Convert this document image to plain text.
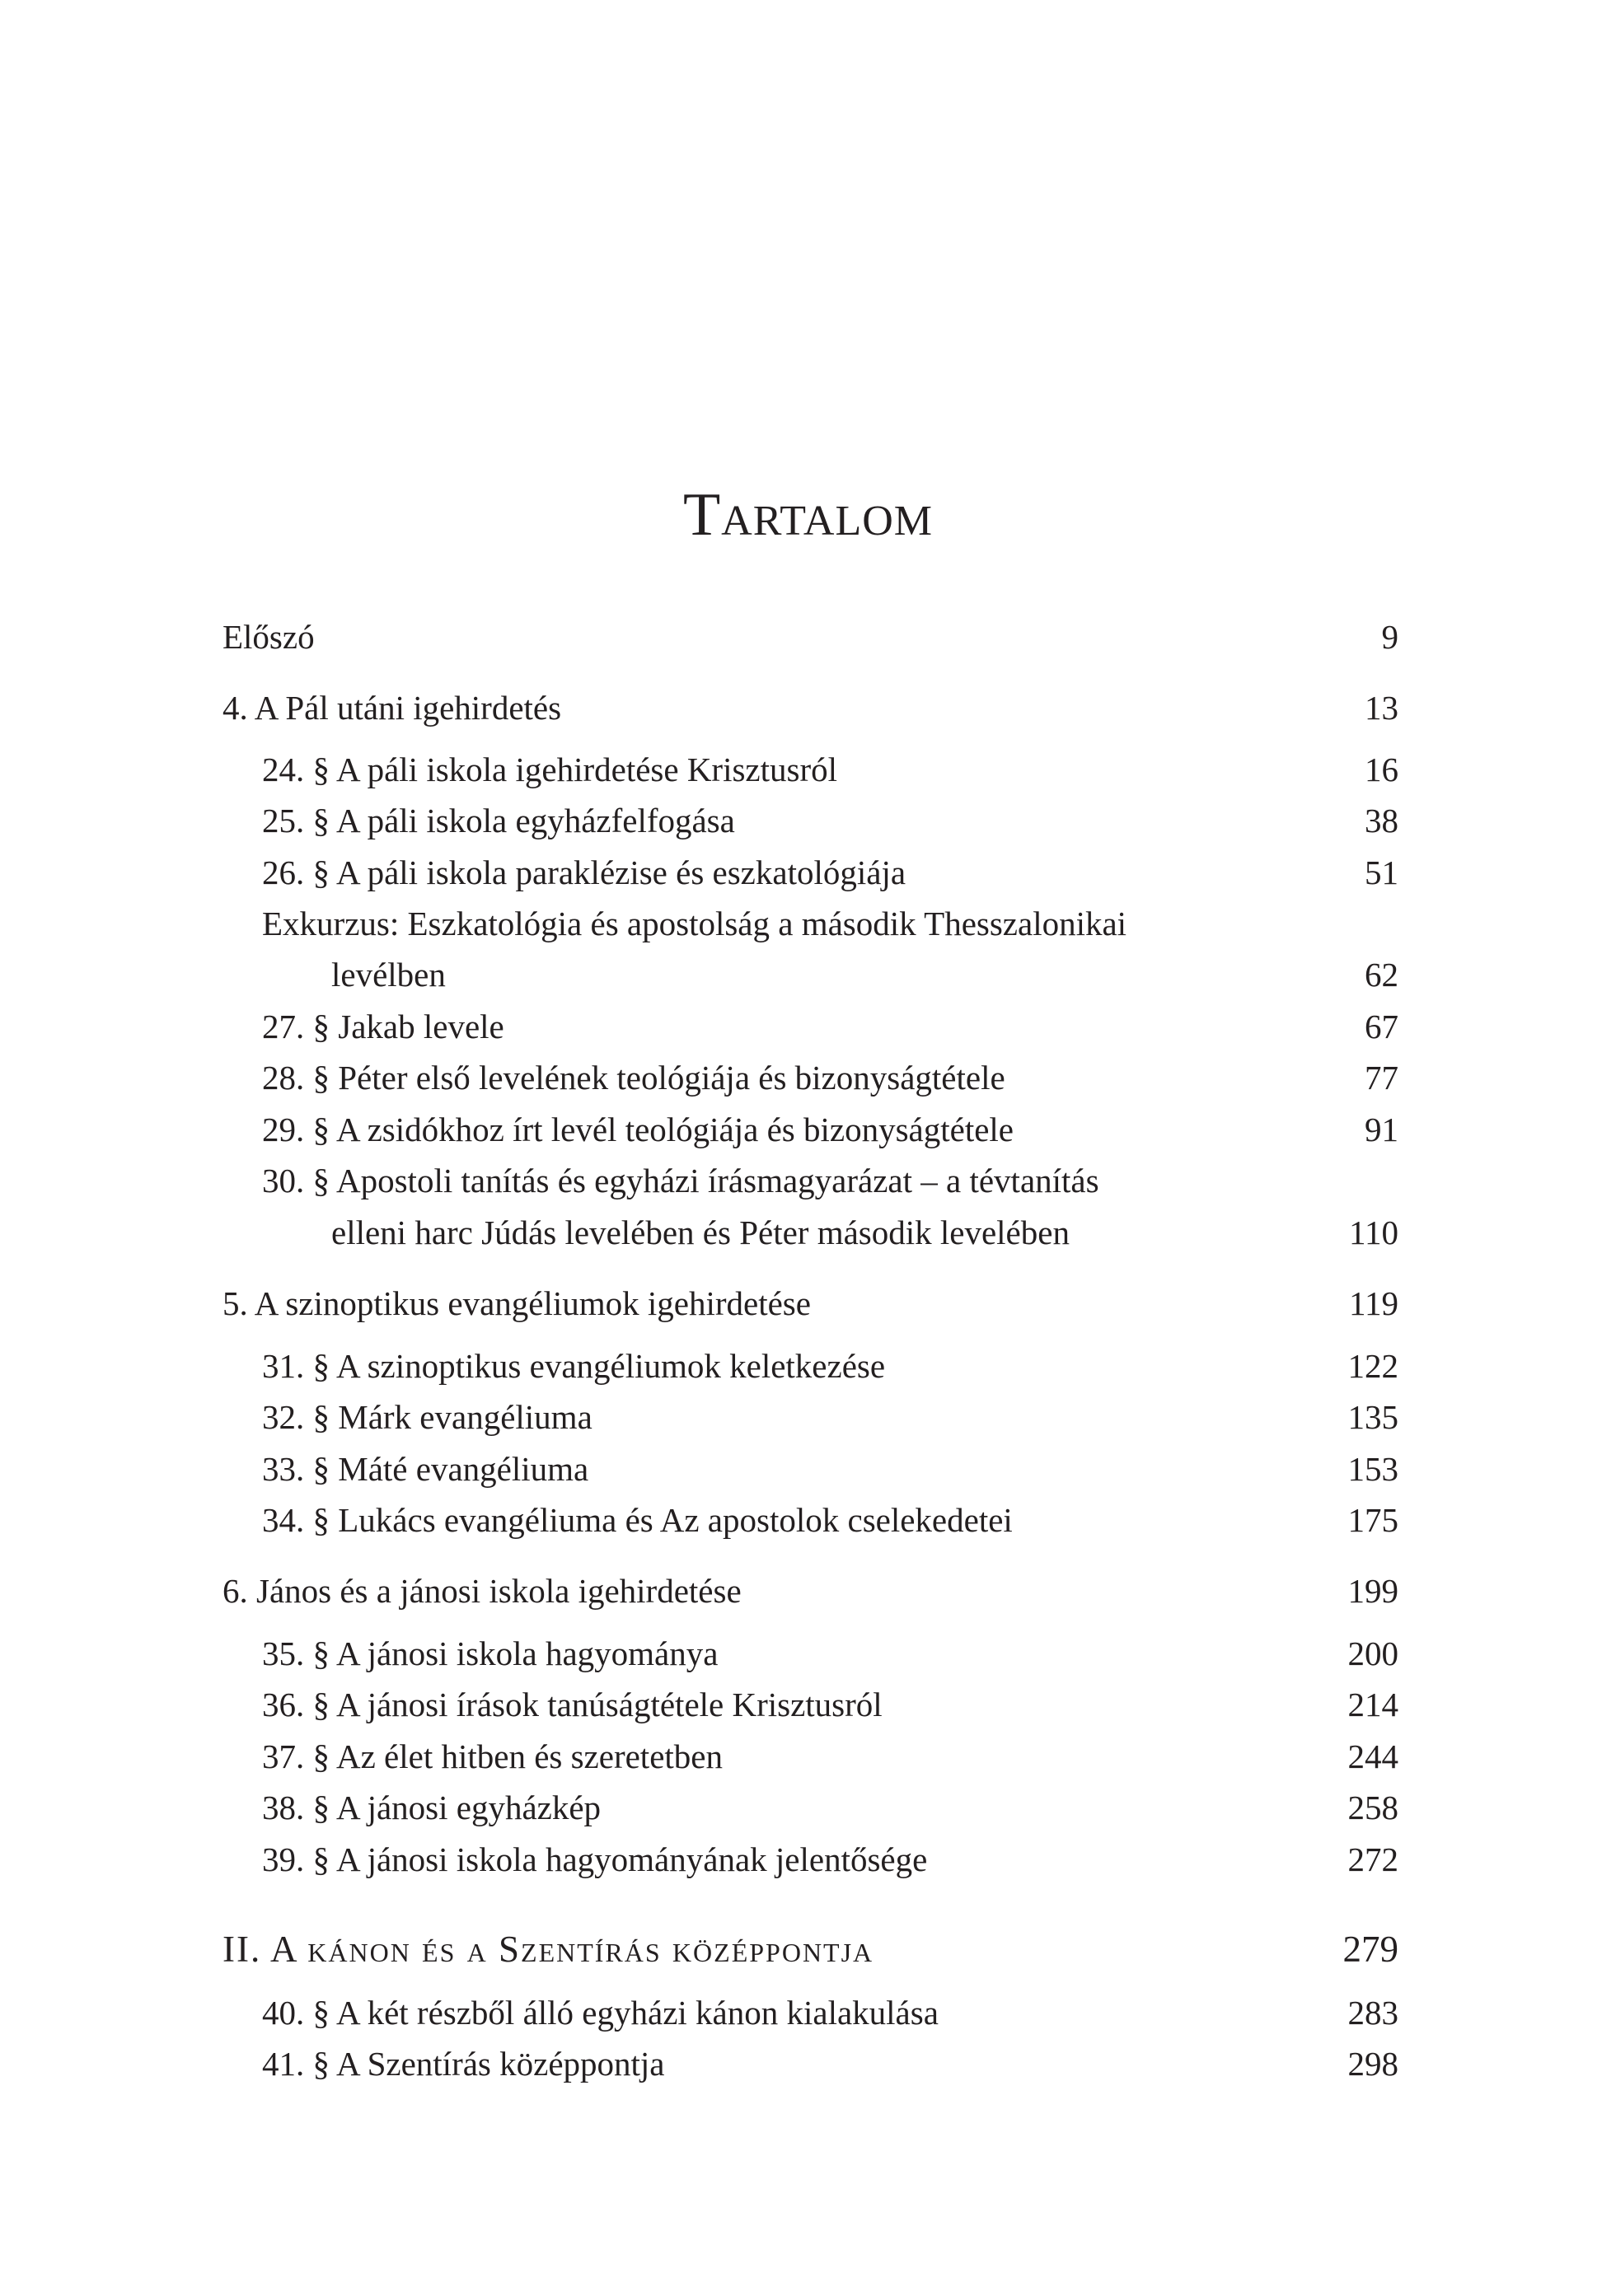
Tartalom
Előszó	9
4. A Pál utáni igehirdetés	13
24. § A páli iskola igehirdetése Krisztusról	16
25. § A páli iskola egyházfelfogása	38
26. § A páli iskola paraklézise és eszkatológiája	51
Exkurzus: Eszkatológia és apostolság a második Thesszalonikai
levélben	62
27. § Jakab levele	67
28. § Péter első levelének teológiája és bizonyságtétele	77
29. § A zsidókhoz írt levél teológiája és bizonyságtétele	91
30. § Apostoli tanítás és egyházi írásmagyarázat – a tévtanítás
elleni harc Júdás levelében és Péter második levelében	110
5. A szinoptikus evangéliumok igehirdetése	119
31. § A szinoptikus evangéliumok keletkezése	122
32. § Márk evangéliuma	135
33. § Máté evangéliuma	153
34. § Lukács evangéliuma és Az apostolok cselekedetei	175
6. János és a jánosi iskola igehirdetése	199
35. § A jánosi iskola hagyománya	200
36. § A jánosi írások tanúságtétele Krisztusról	214
37. § Az élet hitben és szeretetben	244
38. § A jánosi egyházkép	258
39. § A jánosi iskola hagyományának jelentősége	272
II. A kánon és a Szentírás középpontja	279
40. § A két részből álló egyházi kánon kialakulása	283
41. § A Szentírás középpontja	298
